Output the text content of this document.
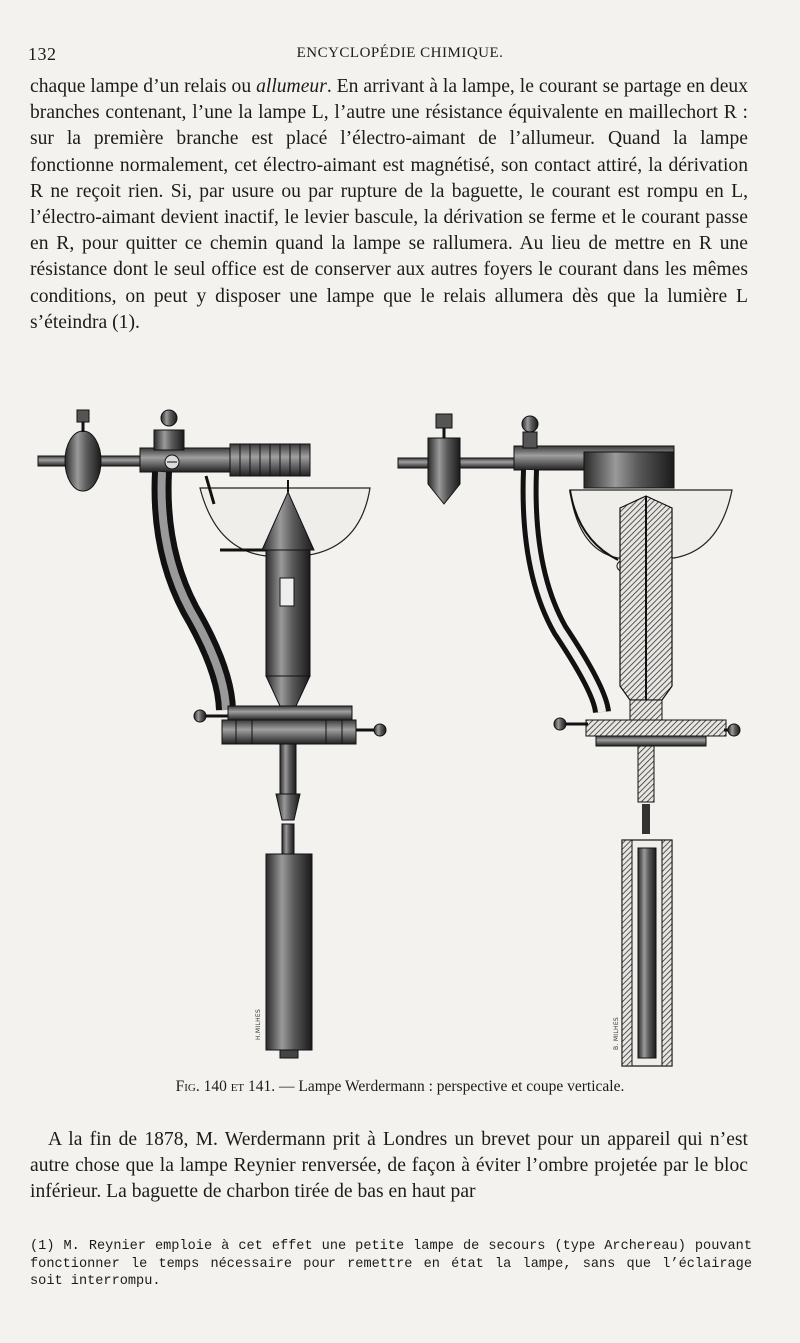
132	ENCYCLOPÉDIE CHIMIQUE.

chaque lampe d’un relais ou allumeur. En arrivant à la lampe, le courant se partage en deux branches contenant, l’une la lampe L, l’autre une résistance équivalente en maillechort R : sur la première branche est placé l’électro-aimant de l’allumeur. Quand la lampe fonctionne normalement, cet électro-aimant est magnétisé, son contact attiré, la dérivation R ne reçoit rien. Si, par usure ou par rupture de la baguette, le courant est rompu en L, l’électro-aimant devient inactif, le levier bascule, la dérivation se ferme et le courant passe en R, pour quitter ce chemin quand la lampe se rallumera. Au lieu de mettre en R une résistance dont le seul office est de conserver aux autres foyers le courant dans les mêmes conditions, on peut y disposer une lampe que le relais allumera dès que la lumière L s’éteindra (1).

H.MILHES	B. MILHES
Fig. 140 et 141. — Lampe Werdermann : perspective et coupe verticale.

A la fin de 1878, M. Werdermann prit à Londres un brevet pour un appareil qui n’est autre chose que la lampe Reynier renversée, de façon à éviter l’ombre projetée par le bloc inférieur. La baguette de charbon tirée de bas en haut par

(1) M. Reynier emploie à cet effet une petite lampe de secours (type Archereau) pouvant fonctionner le temps nécessaire pour remettre en état la lampe, sans que l’éclairage soit interrompu.
